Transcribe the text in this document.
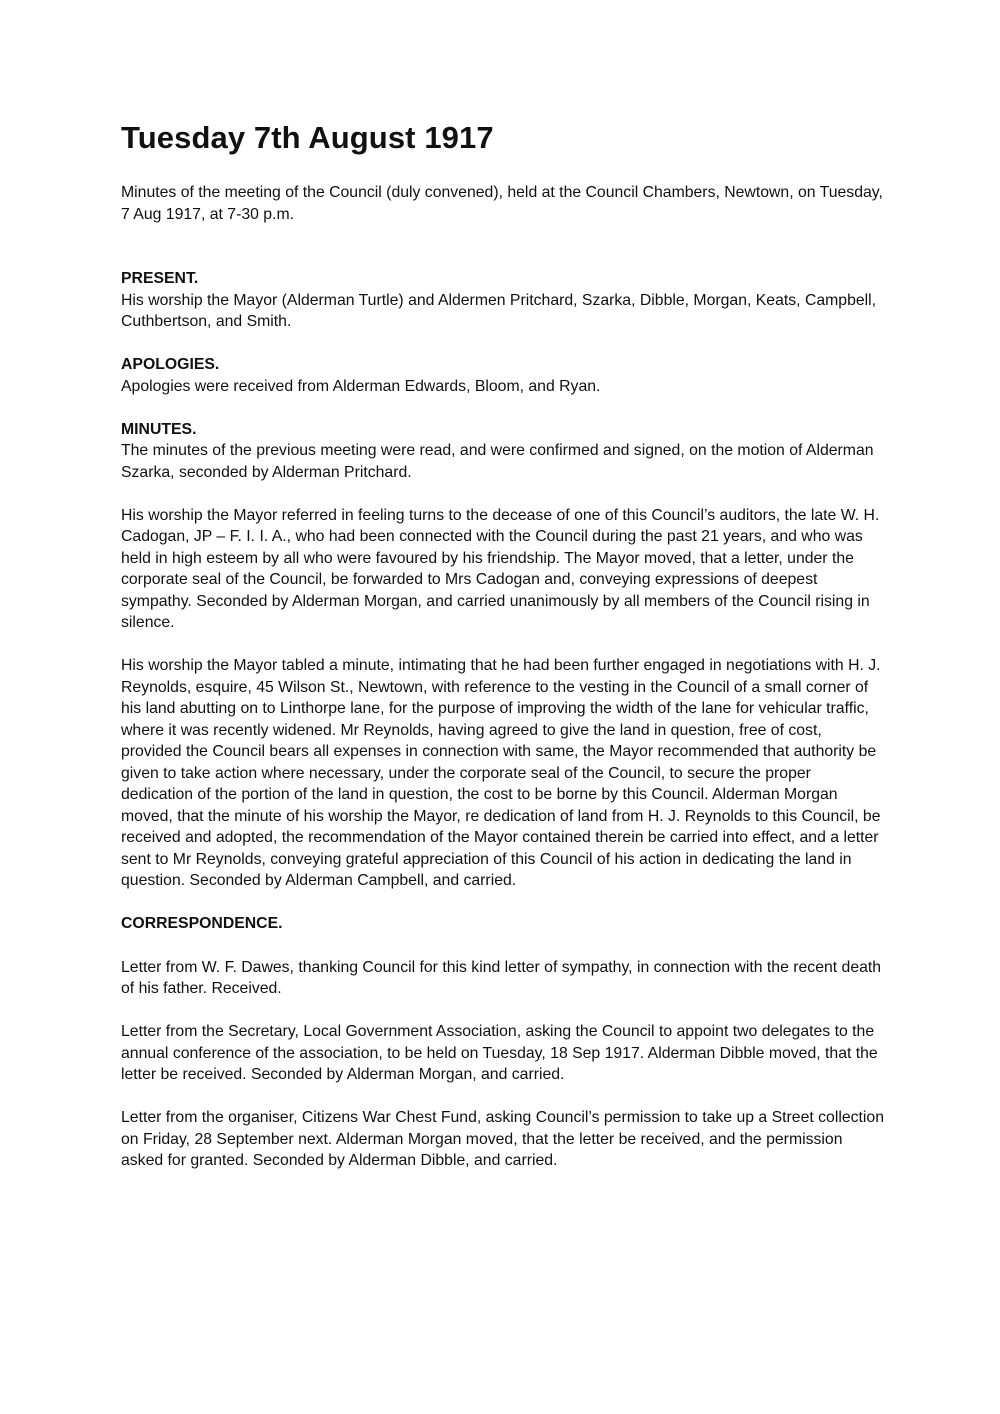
Tuesday 7th August 1917

Minutes of the meeting of the Council (duly convened), held at the Council Chambers, Newtown, on Tuesday, 7 Aug 1917, at 7-30 p.m.

PRESENT.

His worship the Mayor (Alderman Turtle) and Aldermen Pritchard, Szarka, Dibble, Morgan, Keats, Campbell, Cuthbertson, and Smith.

APOLOGIES.

Apologies were received from Alderman Edwards, Bloom, and Ryan.

MINUTES.

The minutes of the previous meeting were read, and were confirmed and signed, on the motion of Alderman Szarka, seconded by Alderman Pritchard.

His worship the Mayor referred in feeling turns to the decease of one of this Council’s auditors, the late W. H. Cadogan, JP – F. I. I. A., who had been connected with the Council during the past 21 years, and who was held in high esteem by all who were favoured by his friendship. The Mayor moved, that a letter, under the corporate seal of the Council, be forwarded to Mrs Cadogan and, conveying expressions of deepest sympathy. Seconded by Alderman Morgan, and carried unanimously by all members of the Council rising in silence.

His worship the Mayor tabled a minute, intimating that he had been further engaged in negotiations with H. J. Reynolds, esquire, 45 Wilson St., Newtown, with reference to the vesting in the Council of a small corner of his land abutting on to Linthorpe lane, for the purpose of improving the width of the lane for vehicular traffic, where it was recently widened. Mr Reynolds, having agreed to give the land in question, free of cost, provided the Council bears all expenses in connection with same, the Mayor recommended that authority be given to take action where necessary, under the corporate seal of the Council, to secure the proper dedication of the portion of the land in question, the cost to be borne by this Council. Alderman Morgan moved, that the minute of his worship the Mayor, re dedication of land from H. J. Reynolds to this Council, be received and adopted, the recommendation of the Mayor contained therein be carried into effect, and a letter sent to Mr Reynolds, conveying grateful appreciation of this Council of his action in dedicating the land in question. Seconded by Alderman Campbell, and carried.

CORRESPONDENCE.

Letter from W. F. Dawes, thanking Council for this kind letter of sympathy, in connection with the recent death of his father. Received.

Letter from the Secretary, Local Government Association, asking the Council to appoint two delegates to the annual conference of the association, to be held on Tuesday, 18 Sep 1917. Alderman Dibble moved, that the letter be received. Seconded by Alderman Morgan, and carried.

Letter from the organiser, Citizens War Chest Fund, asking Council’s permission to take up a Street collection on Friday, 28 September next. Alderman Morgan moved, that the letter be received, and the permission asked for granted. Seconded by Alderman Dibble, and carried.
